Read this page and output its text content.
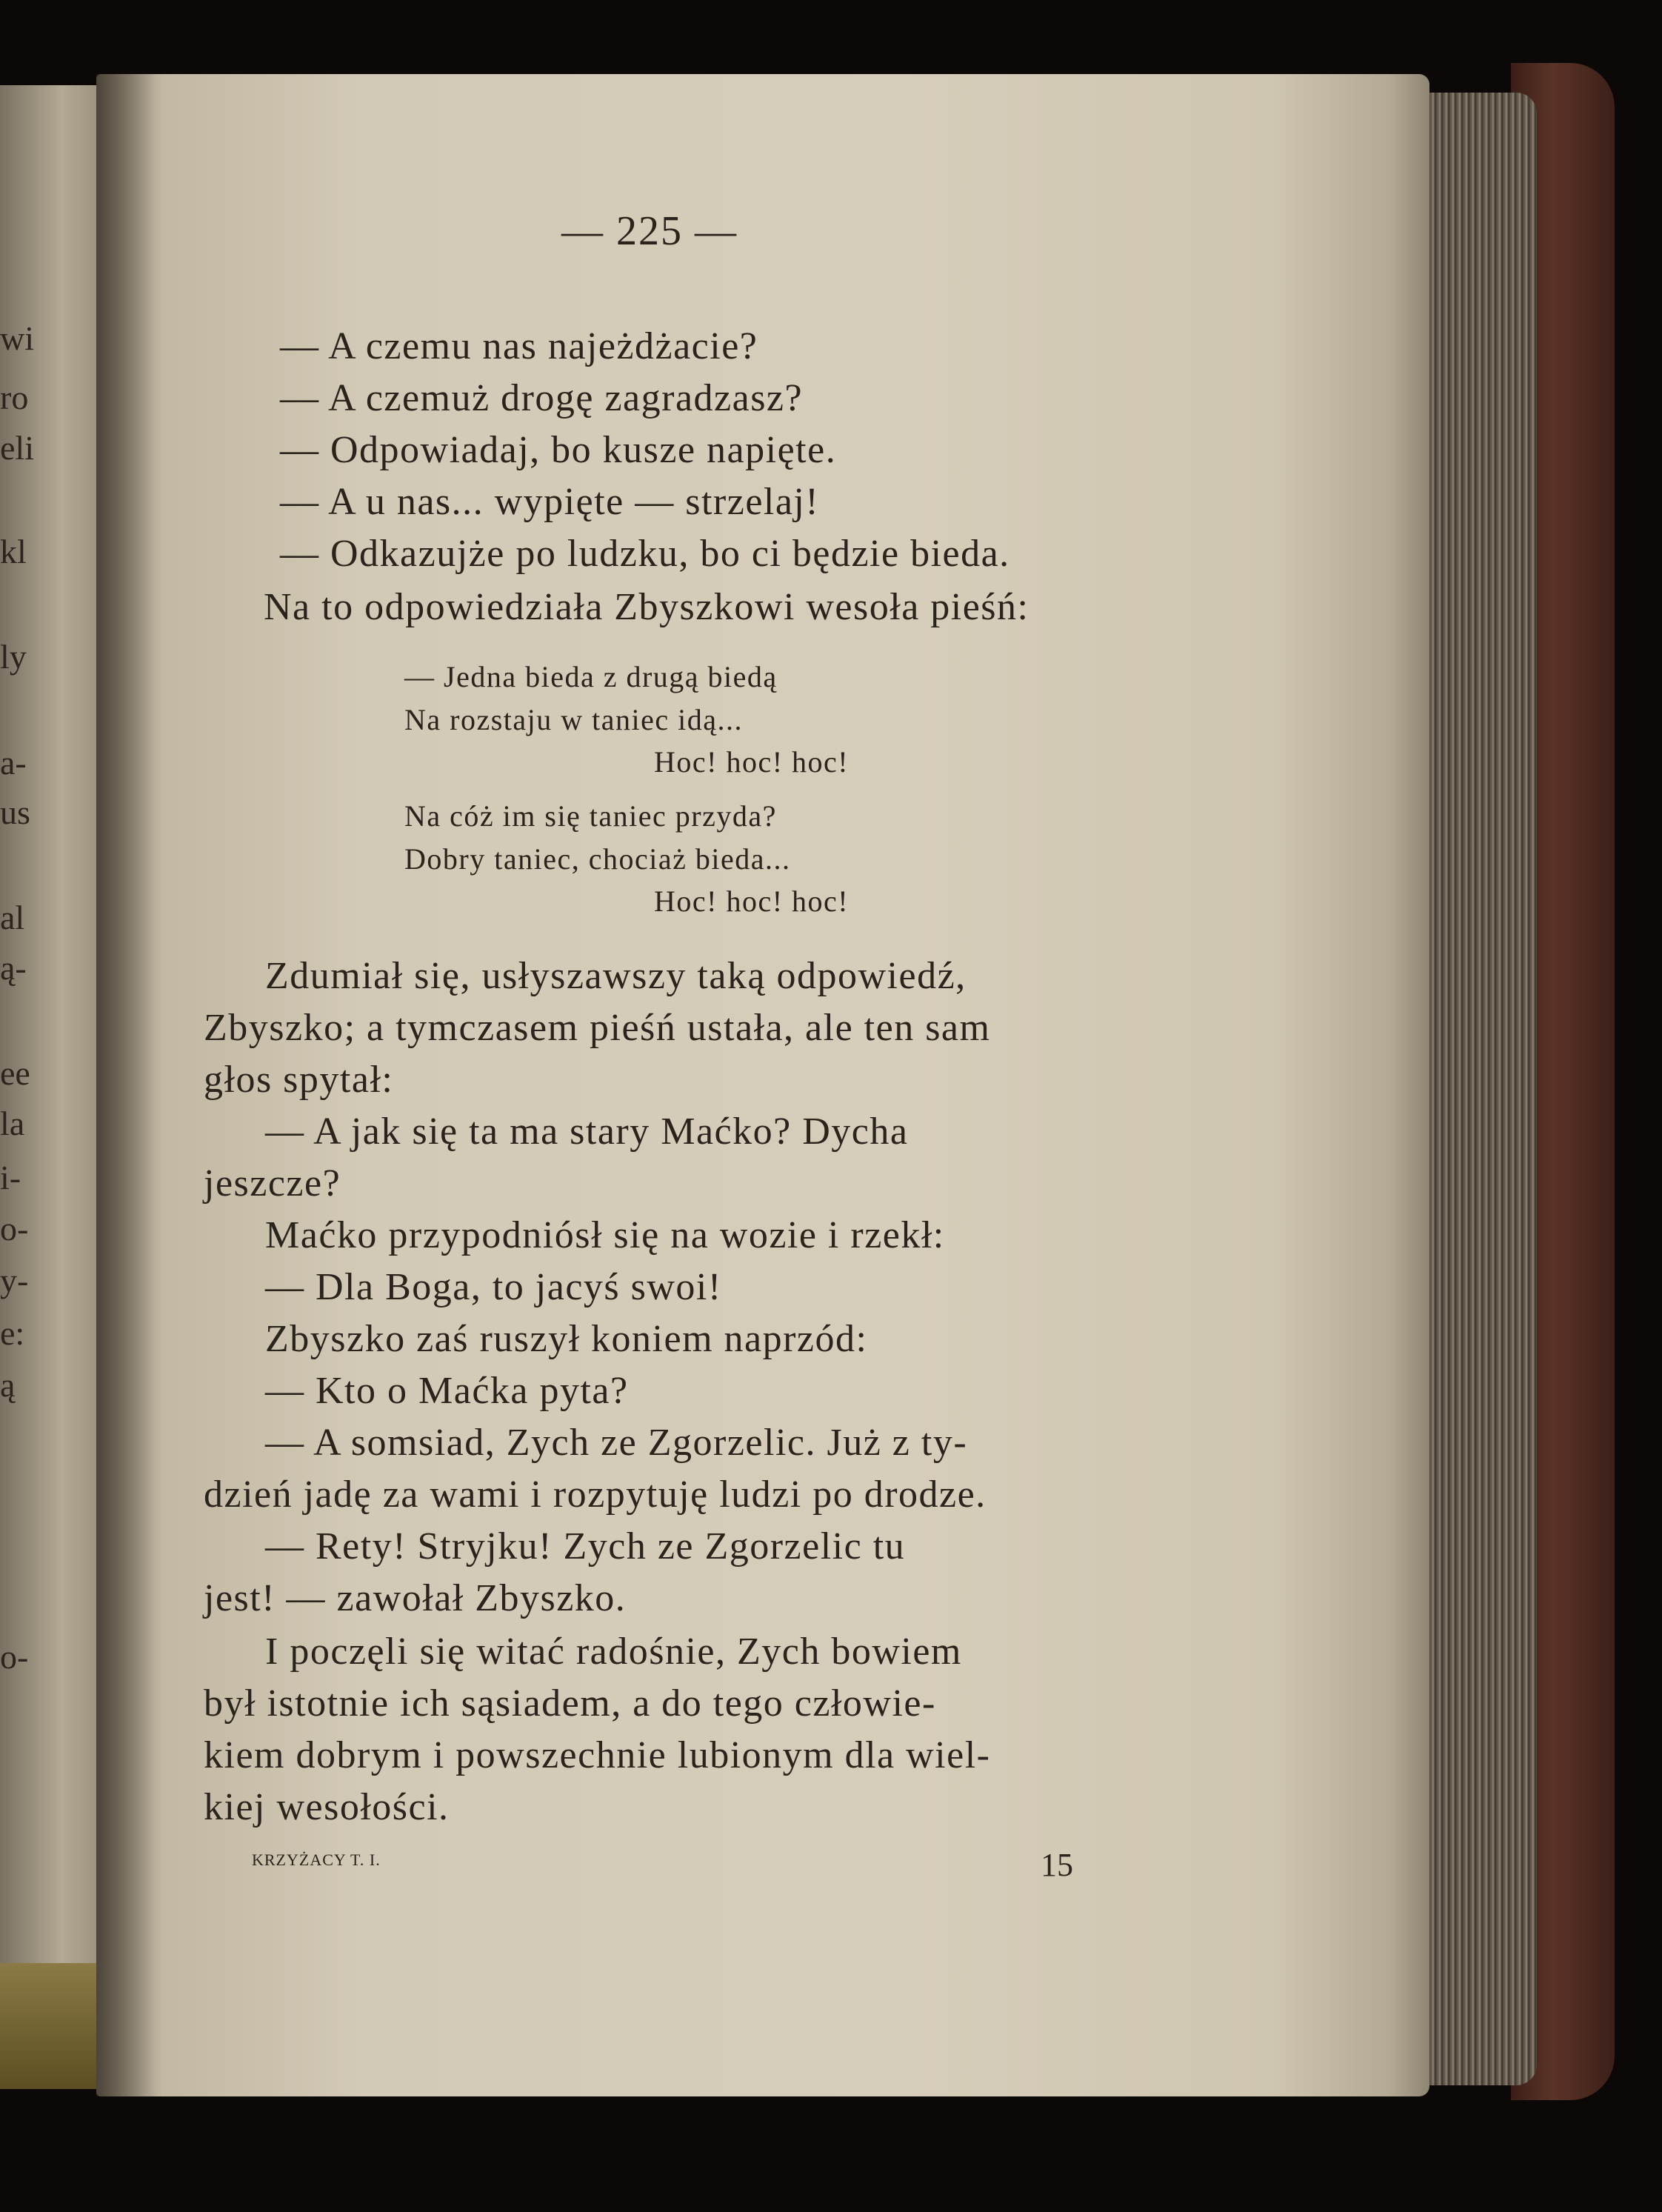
wi
ro
eli
kl
ly
a-
us
al
ą-
ee
la
i-
o-
y-
e:
ą
o-
— 225 —
— A czemu nas najeżdżacie?
— A czemuż drogę zagradzasz?
— Odpowiadaj, bo kusze napięte.
— A u nas... wypięte — strzelaj!
— Odkazujże po ludzku, bo ci będzie bieda.
Na to odpowiedziała Zbyszkowi wesoła pieśń:
— Jedna bieda z drugą biedą
Na rozstaju w taniec idą...
Hoc! hoc! hoc!
Na cóż im się taniec przyda?
Dobry taniec, chociaż bieda...
Hoc! hoc! hoc!
Zdumiał się, usłyszawszy taką odpowiedź,
Zbyszko; a tymczasem pieśń ustała, ale ten sam
głos spytał:
— A jak się ta ma stary Maćko? Dycha
jeszcze?
Maćko przypodniósł się na wozie i rzekł:
— Dla Boga, to jacyś swoi!
Zbyszko zaś ruszył koniem naprzód:
— Kto o Maćka pyta?
— A somsiad, Zych ze Zgorzelic. Już z ty-
dzień jadę za wami i rozpytuję ludzi po drodze.
— Rety! Stryjku! Zych ze Zgorzelic tu
jest! — zawołał Zbyszko.
I poczęli się witać radośnie, Zych bowiem
był istotnie ich sąsiadem, a do tego człowie-
kiem dobrym i powszechnie lubionym dla wiel-
kiej wesołości.
KRZYŻACY T. I.	15
